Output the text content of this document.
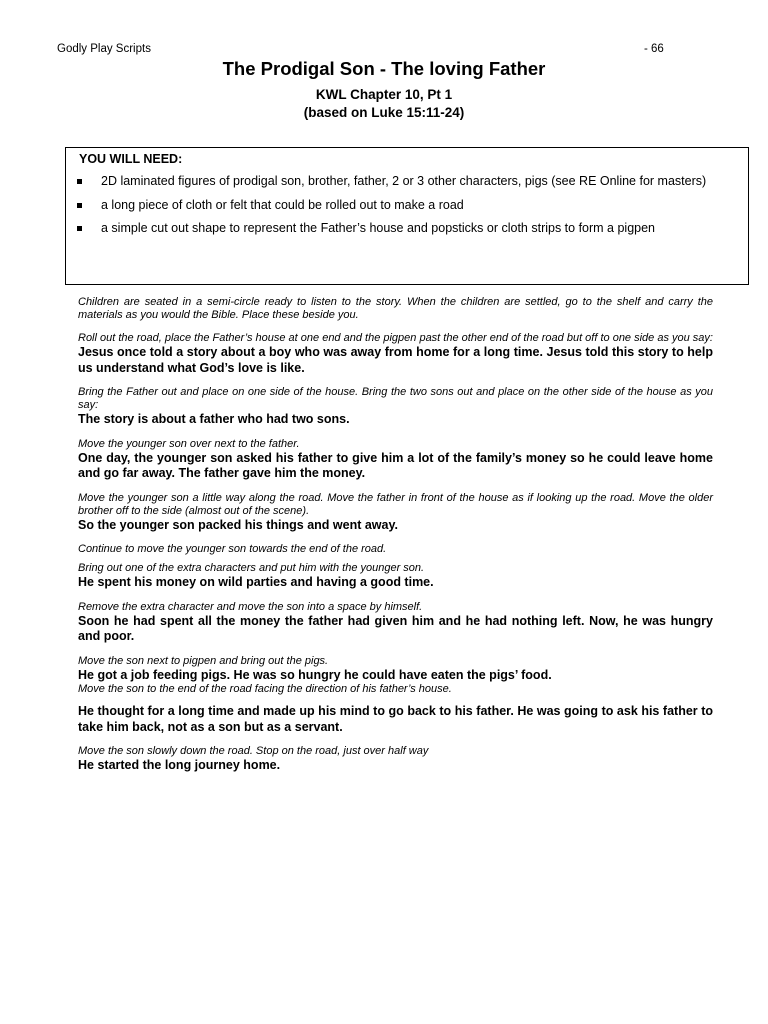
Godly Play Scripts	- 66
The Prodigal Son - The loving Father
KWL Chapter 10, Pt 1
(based on Luke 15:11-24)
YOU WILL NEED:
2D laminated figures of prodigal son, brother, father, 2 or 3 other characters, pigs (see RE Online for masters)
a long piece of cloth or felt that could be rolled out to make a road
a simple cut out shape to represent the Father’s house and popsticks or cloth strips to form a pigpen

Children are seated in a semi-circle ready to listen to the story. When the children are settled, go to the shelf and carry the materials as you would the Bible. Place these beside you.

Roll out the road, place the Father’s house at one end and the pigpen past the other end of the road but off to one side as you say:

Jesus once told a story about a boy who was away from home for a long time. Jesus told this story to help us understand what God’s love is like.

Bring the Father out and place on one side of the house. Bring the two sons out and place on the other side of the house as you say:

The story is about a father who had two sons.

Move the younger son over next to the father.

One day, the younger son asked his father to give him a lot of the family’s money so he could leave home and go far away. The father gave him the money.

Move the younger son a little way along the road. Move the father in front of the house as if looking up the road. Move the older brother off to the side (almost out of the scene).

So the younger son packed his things and went away.

Continue to move the younger son towards the end of the road.

Bring out one of the extra characters and put him with the younger son.

He spent his money on wild parties and having a good time.

Remove the extra character and move the son into a space by himself.

Soon he had spent all the money the father had given him and he had nothing left. Now, he was hungry and poor.

Move the son next to pigpen and bring out the pigs.

He got a job feeding pigs. He was so hungry he could have eaten the pigs’ food.

Move the son to the end of the road facing the direction of his father’s house.

He thought for a long time and made up his mind to go back to his father. He was going to ask his father to take him back, not as a son but as a servant.

Move the son slowly down the road. Stop on the road, just over half way

He started the long journey home.
